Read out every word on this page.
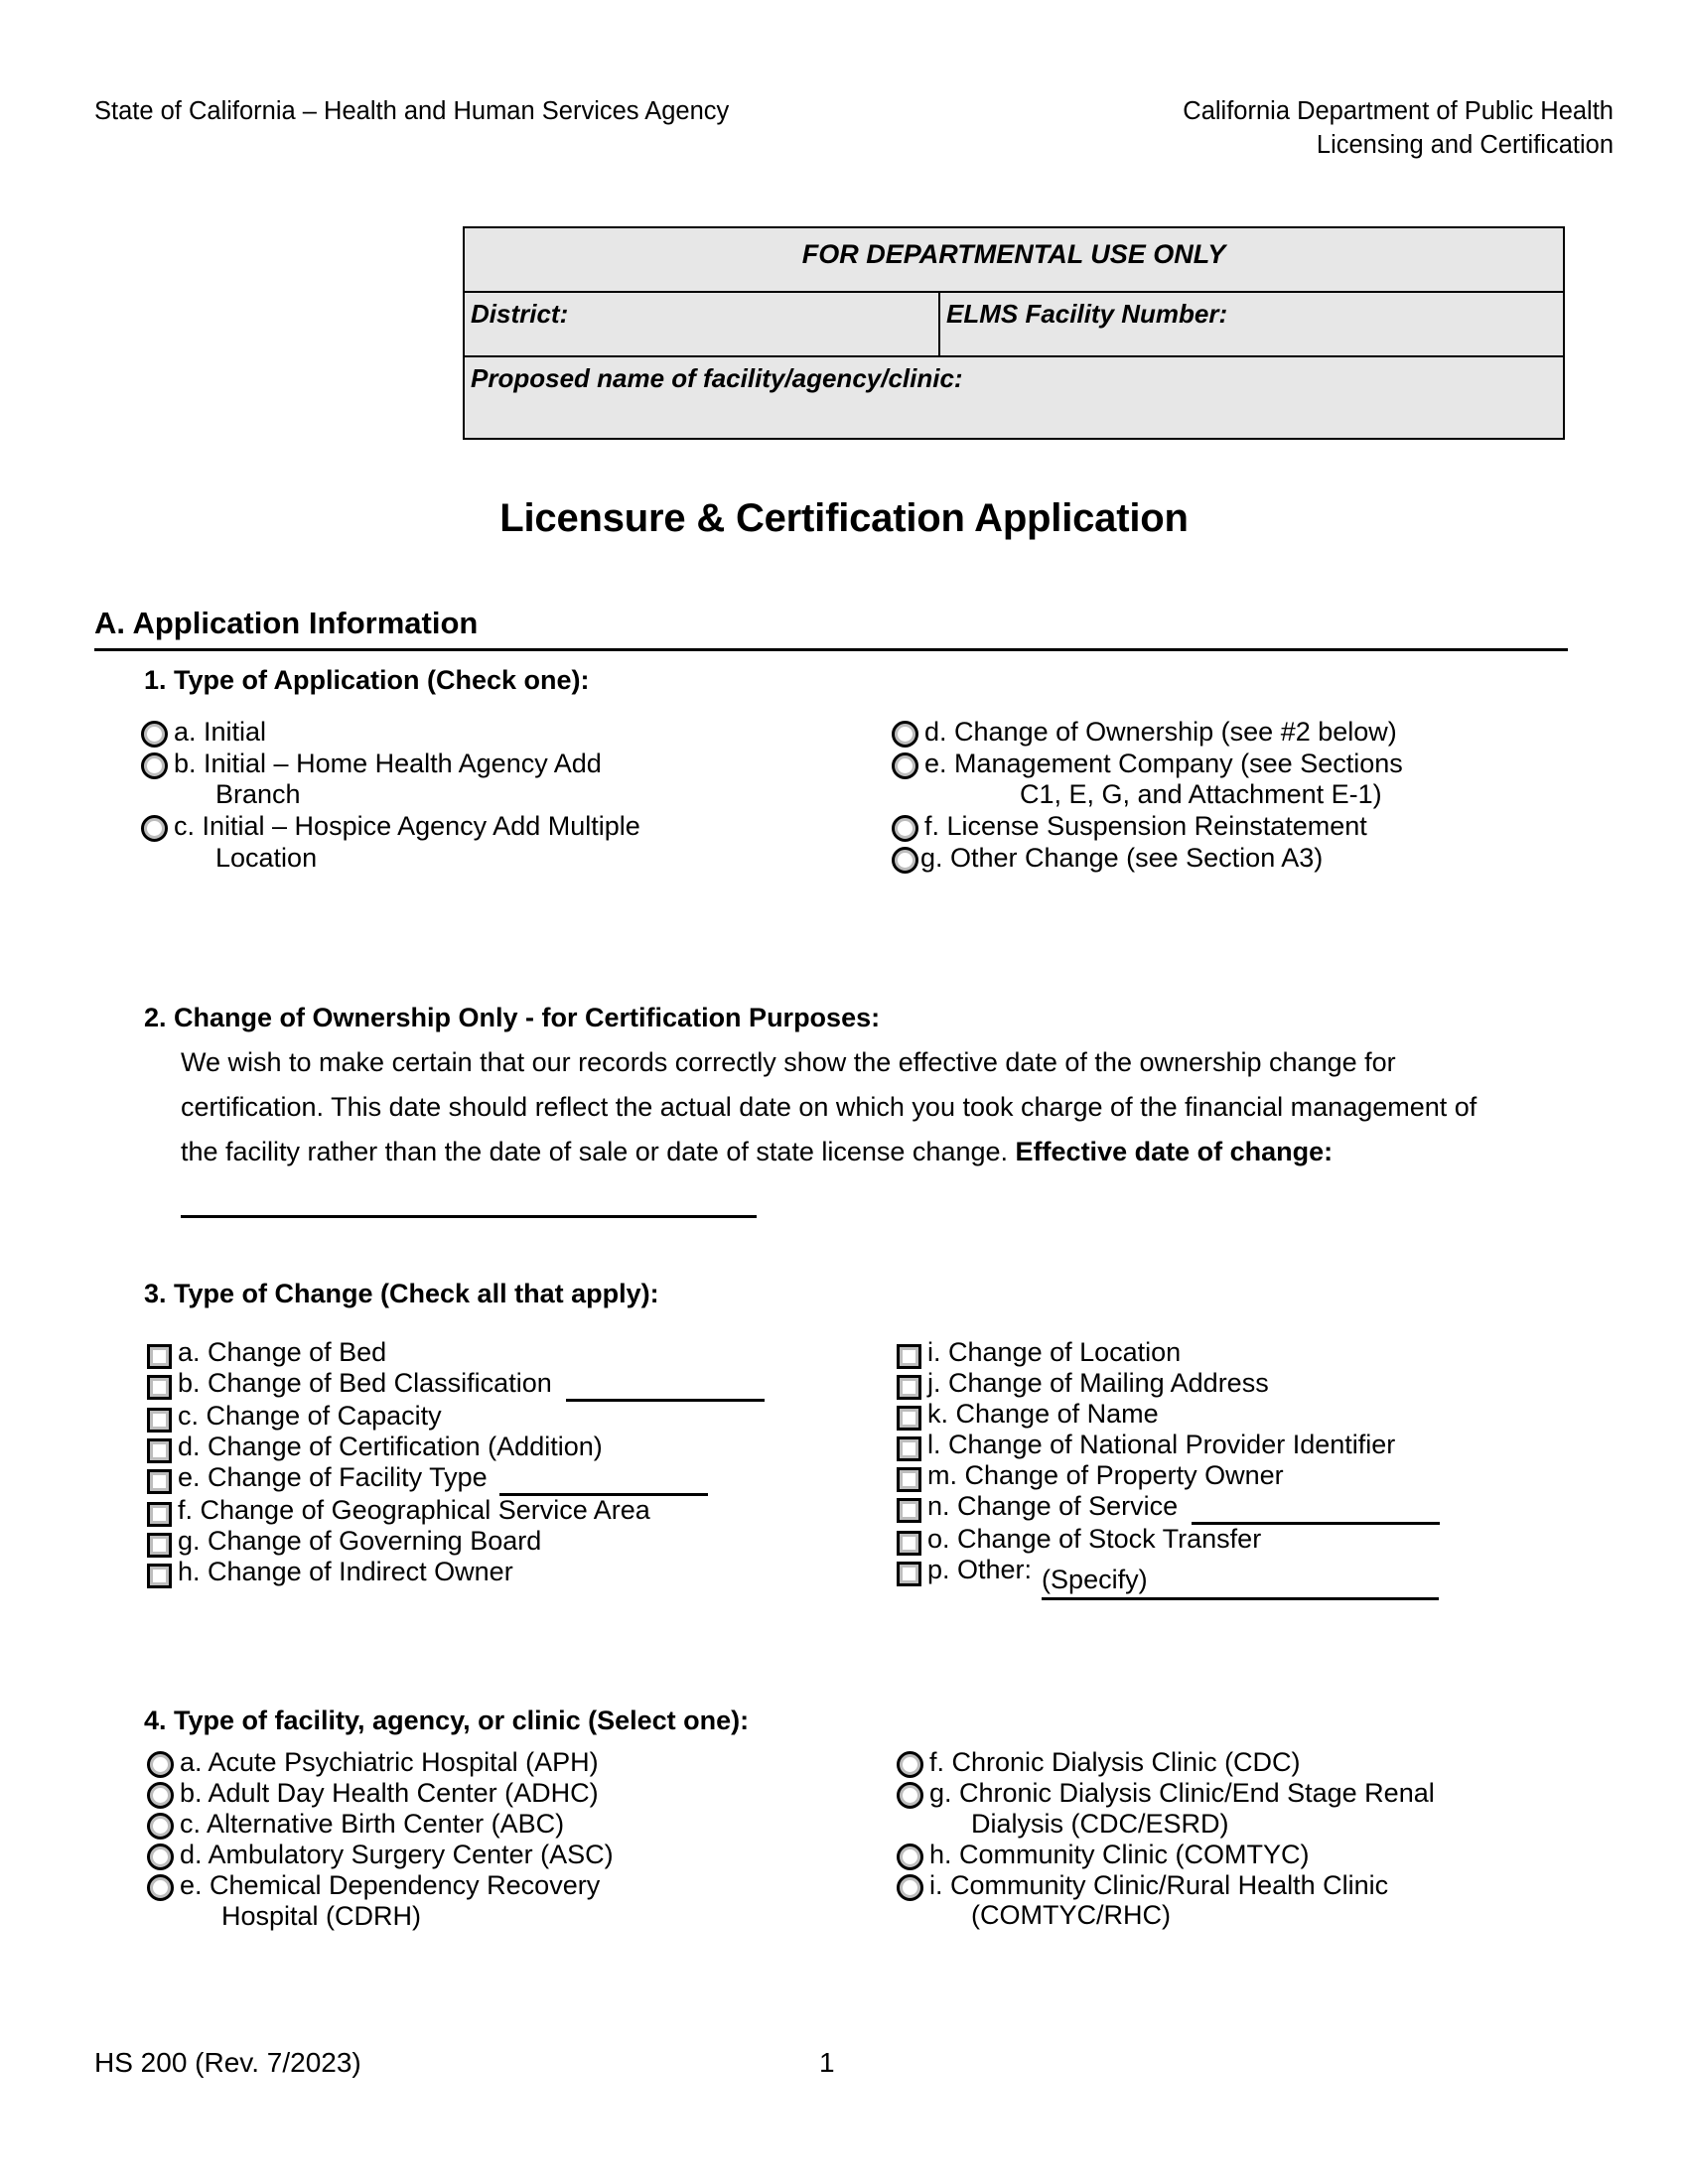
State of California – Health and Human Services Agency	California Department of Public Health
Licensing and Certification
FOR DEPARTMENTAL USE ONLY
District:	ELMS Facility Number:
Proposed name of facility/agency/clinic:
Licensure & Certification Application
A. Application Information
1. Type of Application (Check one):
a. Initial
b. Initial – Home Health Agency Add
Branch
c. Initial – Hospice Agency Add Multiple
Location
d. Change of Ownership (see #2 below)
e. Management Company (see Sections
C1, E, G, and Attachment E-1)
f. License Suspension Reinstatement
g. Other Change (see Section A3)
2. Change of Ownership Only - for Certification Purposes:
We wish to make certain that our records correctly show the effective date of the ownership change for certification. This date should reflect the actual date on which you took charge of the financial management of the facility rather than the date of sale or date of state license change. Effective date of change:
3. Type of Change (Check all that apply):
a. Change of Bed
b. Change of Bed Classification
c. Change of Capacity
d. Change of Certification (Addition)
e. Change of Facility Type
f. Change of Geographical Service Area
g. Change of Governing Board
h. Change of Indirect Owner
i. Change of Location
j. Change of Mailing Address
k. Change of Name
l. Change of National Provider Identifier
m. Change of Property Owner
n. Change of Service
o. Change of Stock Transfer
p. Other: (Specify)
4. Type of facility, agency, or clinic (Select one):
a. Acute Psychiatric Hospital (APH)
b. Adult Day Health Center (ADHC)
c. Alternative Birth Center (ABC)
d. Ambulatory Surgery Center (ASC)
e. Chemical Dependency Recovery
Hospital (CDRH)
f. Chronic Dialysis Clinic (CDC)
g. Chronic Dialysis Clinic/End Stage Renal
Dialysis (CDC/ESRD)
h. Community Clinic (COMTYC)
i. Community Clinic/Rural Health Clinic
(COMTYC/RHC)
HS 200 (Rev. 7/2023)	1
